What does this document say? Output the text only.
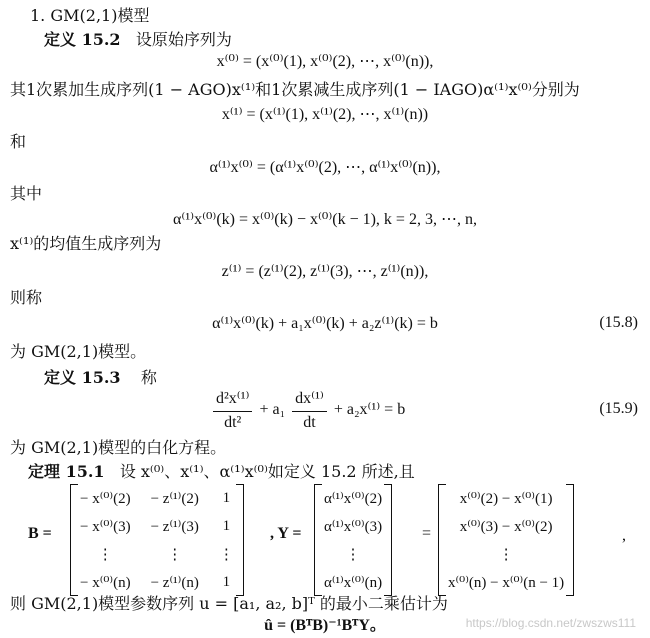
1. GM(2,1)模型
定义 15.2 设原始序列为
x⁽⁰⁾ = (x⁽⁰⁾(1), x⁽⁰⁾(2), ⋯, x⁽⁰⁾(n)),
其1次累加生成序列(1 − AGO)x⁽¹⁾和1次累减生成序列(1 − IAGO)α⁽¹⁾x⁽⁰⁾分别为
x⁽¹⁾ = (x⁽¹⁾(1), x⁽¹⁾(2), ⋯, x⁽¹⁾(n))
和
α⁽¹⁾x⁽⁰⁾ = (α⁽¹⁾x⁽⁰⁾(2), ⋯, α⁽¹⁾x⁽⁰⁾(n)),
其中
α⁽¹⁾x⁽⁰⁾(k) = x⁽⁰⁾(k) − x⁽⁰⁾(k − 1), k = 2, 3, ⋯, n,
x⁽¹⁾的均值生成序列为
z⁽¹⁾ = (z⁽¹⁾(2), z⁽¹⁾(3), ⋯, z⁽¹⁾(n)),
则称
α⁽¹⁾x⁽⁰⁾(k) + a₁x⁽⁰⁾(k) + a₂z⁽¹⁾(k) = b	(15.8)
为 GM(2,1)模型。
定义 15.3 称
$\frac{\text{d²x⁽¹⁾}}{\text{dt²}} + a_1 \frac{\text{dx⁽¹⁾}}{dt} + a_2x^{(1)} = b$	(15.9)
为 GM(2,1)模型的白化方程。
定理 15.1 设 x⁽⁰⁾、x⁽¹⁾、α⁽¹⁾x⁽⁰⁾如定义 15.2 所述,且
B =
− x⁽⁰⁾(2)	− z⁽¹⁾(2)	1
− x⁽⁰⁾(3)	− z⁽¹⁾(3)	1
⋮	⋮	⋮
− x⁽⁰⁾(n)	− z⁽¹⁾(n)	1
, Y =
α⁽¹⁾x⁽⁰⁾(2)
α⁽¹⁾x⁽⁰⁾(3)
⋮
α⁽¹⁾x⁽⁰⁾(n)
=
x⁽⁰⁾(2) − x⁽⁰⁾(1)
x⁽⁰⁾(3) − x⁽⁰⁾(2)
⋮
x⁽⁰⁾(n) − x⁽⁰⁾(n − 1)
,
则 GM(2,1)模型参数序列 u = [a₁, a₂, b]ᵀ 的最小二乘估计为
û = (BᵀB)⁻¹BᵀY。	https://blog.csdn.net/zwszws111
